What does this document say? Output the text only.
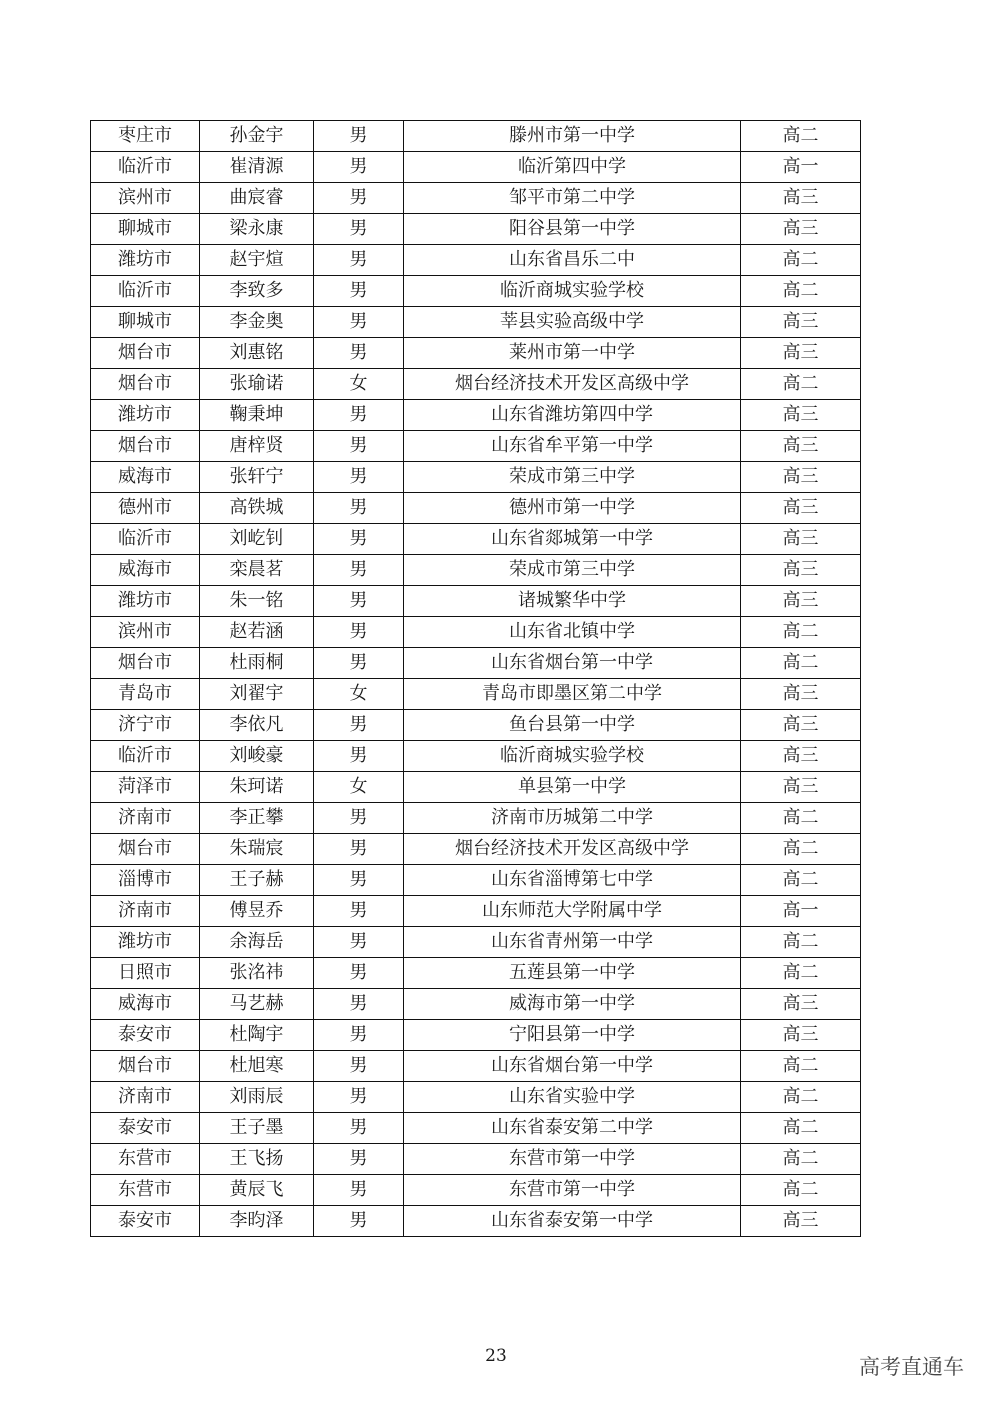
枣庄市	孙金宇	男	滕州市第一中学	高二
临沂市	崔清源	男	临沂第四中学	高一
滨州市	曲宸睿	男	邹平市第二中学	高三
聊城市	梁永康	男	阳谷县第一中学	高三
潍坊市	赵宇煊	男	山东省昌乐二中	高二
临沂市	李致多	男	临沂商城实验学校	高二
聊城市	李金奥	男	莘县实验高级中学	高三
烟台市	刘惠铭	男	莱州市第一中学	高三
烟台市	张瑜诺	女	烟台经济技术开发区高级中学	高二
潍坊市	鞠秉坤	男	山东省潍坊第四中学	高三
烟台市	唐梓贤	男	山东省牟平第一中学	高三
威海市	张轩宁	男	荣成市第三中学	高三
德州市	高铁城	男	德州市第一中学	高三
临沂市	刘屹钊	男	山东省郯城第一中学	高三
威海市	栾晨茗	男	荣成市第三中学	高三
潍坊市	朱一铭	男	诸城繁华中学	高三
滨州市	赵若涵	男	山东省北镇中学	高二
烟台市	杜雨桐	男	山东省烟台第一中学	高二
青岛市	刘翟宇	女	青岛市即墨区第二中学	高三
济宁市	李依凡	男	鱼台县第一中学	高三
临沂市	刘峻豪	男	临沂商城实验学校	高三
菏泽市	朱珂诺	女	单县第一中学	高三
济南市	李正攀	男	济南市历城第二中学	高二
烟台市	朱瑞宸	男	烟台经济技术开发区高级中学	高二
淄博市	王子赫	男	山东省淄博第七中学	高二
济南市	傅昱乔	男	山东师范大学附属中学	高一
潍坊市	余海岳	男	山东省青州第一中学	高二
日照市	张洺祎	男	五莲县第一中学	高二
威海市	马艺赫	男	威海市第一中学	高三
泰安市	杜陶宇	男	宁阳县第一中学	高三
烟台市	杜旭寒	男	山东省烟台第一中学	高二
济南市	刘雨辰	男	山东省实验中学	高二
泰安市	王子墨	男	山东省泰安第二中学	高二
东营市	王飞扬	男	东营市第一中学	高二
东营市	黄辰飞	男	东营市第一中学	高二
泰安市	李昀泽	男	山东省泰安第一中学	高三
23	高考直通车
